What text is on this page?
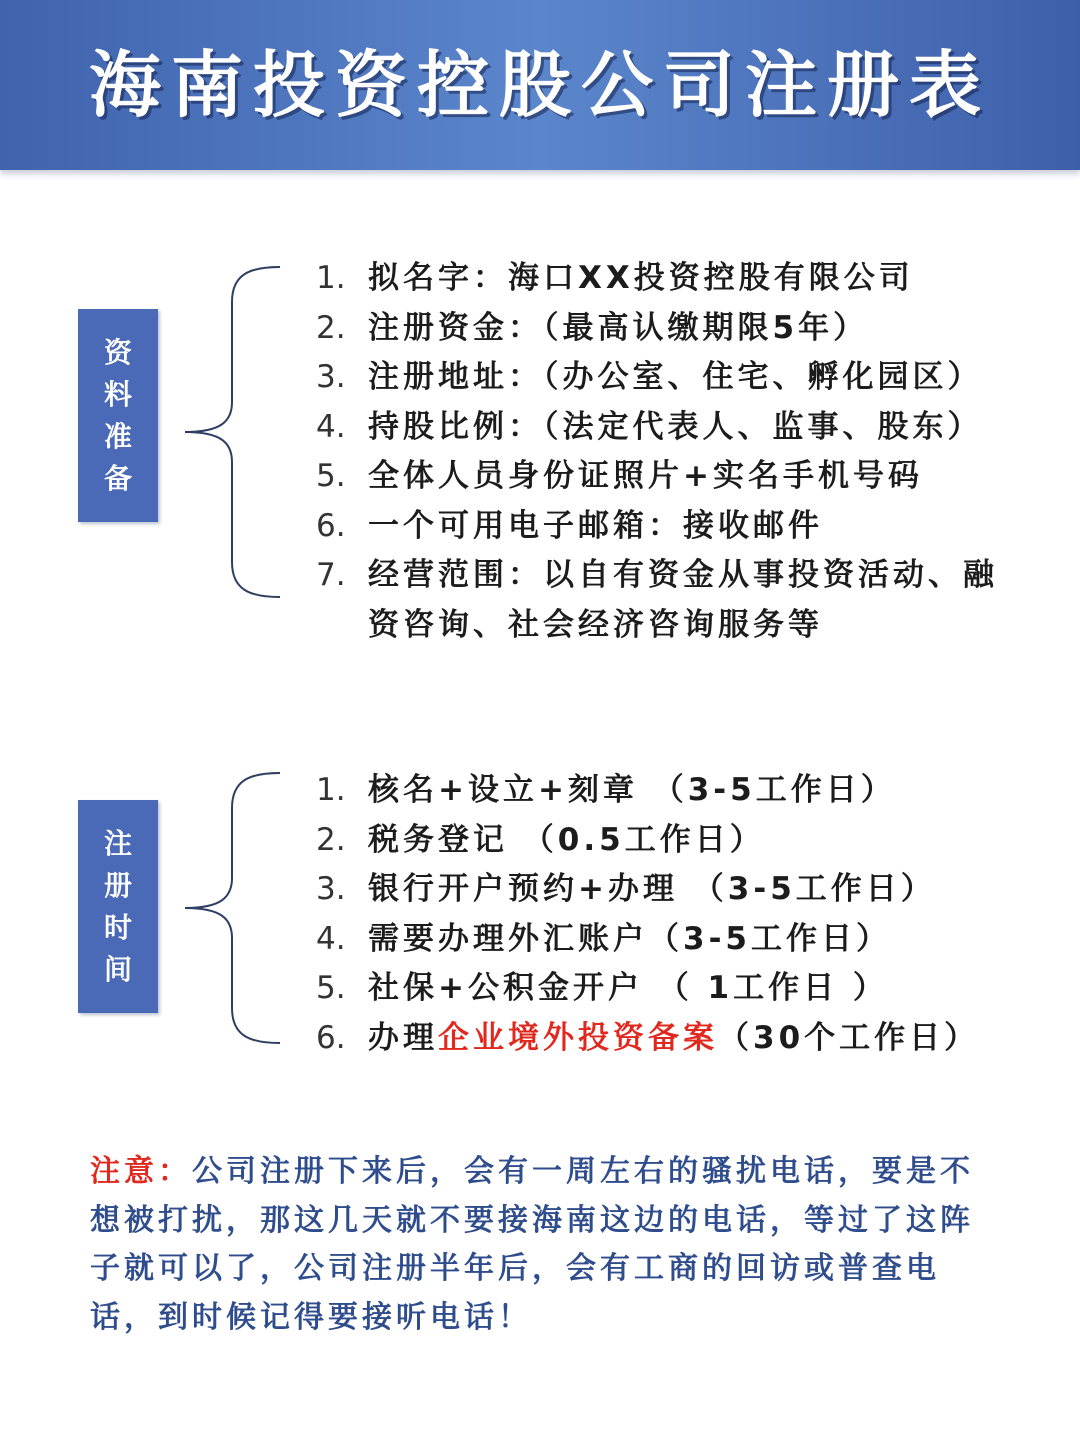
海南投资控股公司注册表
资
料
准
备
1. 拟名字：海口XX投资控股有限公司
2. 注册资金：（最高认缴期限5年）
3. 注册地址：（办公室、住宅、孵化园区）
4. 持股比例：（法定代表人、监事、股东）
5. 全体人员身份证照片+实名手机号码
6. 一个可用电子邮箱：接收邮件
7. 经营范围：以自有资金从事投资活动、融资咨询、社会经济咨询服务等
注
册
时
间
1. 核名+设立+刻章 （3-5工作日）
2. 税务登记 （0.5工作日）
3. 银行开户预约+办理 （3-5工作日）
4. 需要办理外汇账户（3-5工作日）
5. 社保+公积金开户 （ 1工作日 ）
6. 办理企业境外投资备案（30个工作日）
注意：公司注册下来后，会有一周左右的骚扰电话，要是不想被打扰，那这几天就不要接海南这边的电话，等过了这阵子就可以了，公司注册半年后，会有工商的回访或普查电话，到时候记得要接听电话！
